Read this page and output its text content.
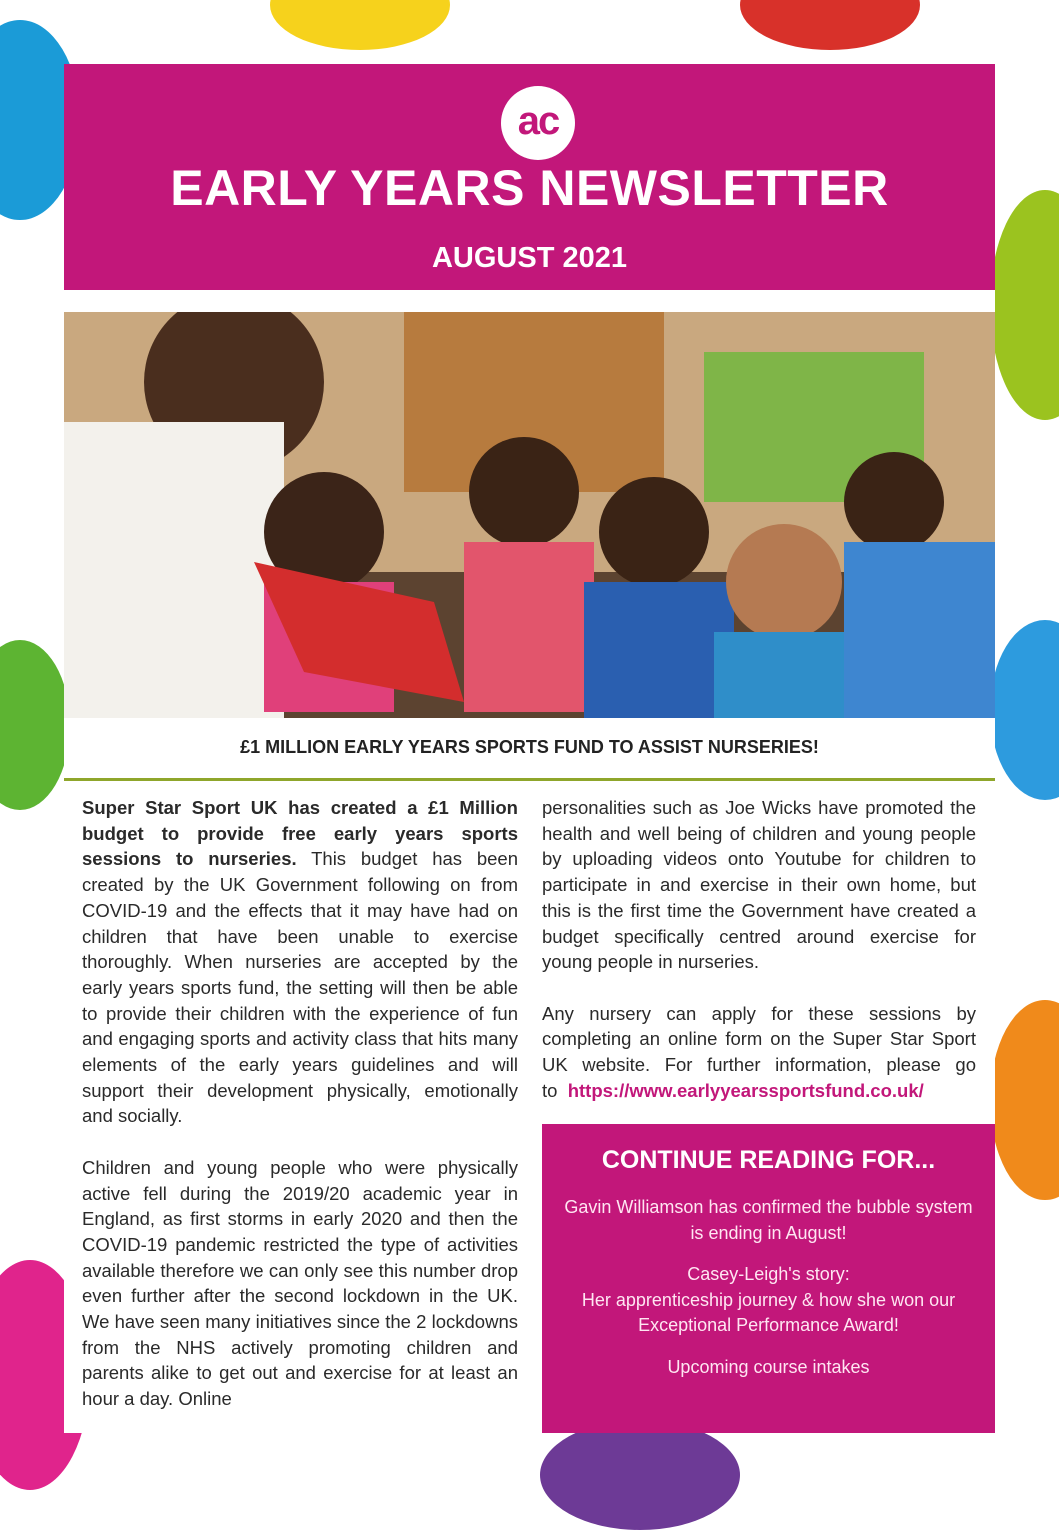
ac
EARLY YEARS NEWSLETTER
AUGUST 2021
£1 MILLION EARLY YEARS SPORTS FUND TO ASSIST NURSERIES!

Super Star Sport UK has created a £1 Million budget to provide free early years sports sessions to nurseries. This budget has been created by the UK Government following on from COVID-19 and the effects that it may have had on children that have been unable to exercise thoroughly. When nurseries are accepted by the early years sports fund, the setting will then be able to provide their children with the experience of fun and engaging sports and activity class that hits many elements of the early years guidelines and will support their development physically, emotionally and socially.

Children and young people who were physically active fell during the 2019/20 academic year in England, as first storms in early 2020 and then the COVID-19 pandemic restricted the type of activities available therefore we can only see this number drop even further after the second lockdown in the UK. We have seen many initiatives since the 2 lockdowns from the NHS actively promoting children and parents alike to get out and exercise for at least an hour a day. Online

personalities such as Joe Wicks have promoted the health and well being of children and young people by uploading videos onto Youtube for children to participate in and exercise in their own home, but this is the first time the Government have created a budget specifically centred around exercise for young people in nurseries.

Any nursery can apply for these sessions by completing an online form on the Super Star Sport UK website. For further information, please go to https://www.earlyyearssportsfund.co.uk/

CONTINUE READING FOR...
Gavin Williamson has confirmed the bubble system is ending in August!
Casey-Leigh's story:
Her apprenticeship journey & how she won our Exceptional Performance Award!
Upcoming course intakes
